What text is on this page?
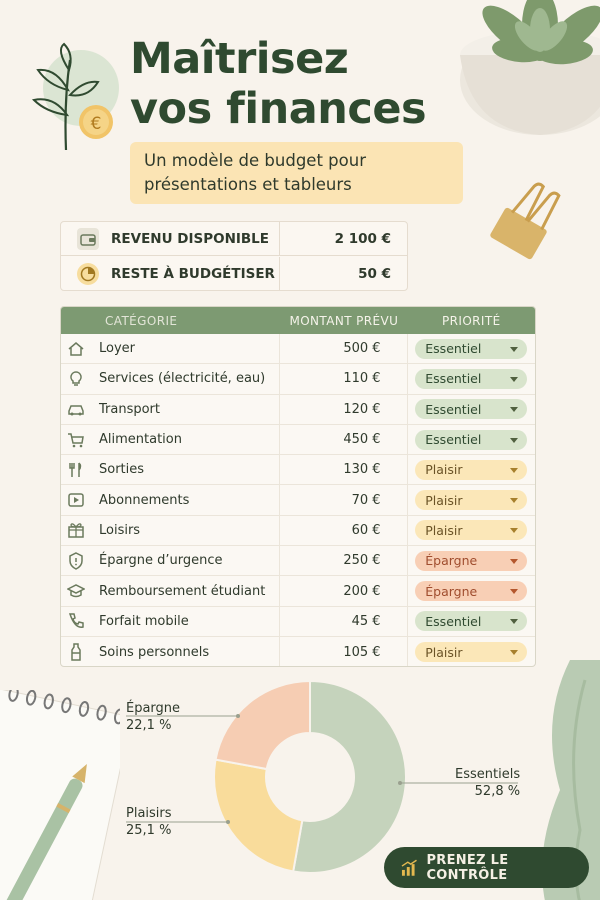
€
Maîtrisez
vos finances
Un modèle de budget pour
présentations et tableurs
REVENU DISPONIBLE	2 100 €
RESTE À BUDGÉTISER	50 €
CATÉGORIE	MONTANT PRÉVU	PRIORITÉ
Loyer	500 €	Essentiel
Services (électricité, eau)	110 €	Essentiel
Transport	120 €	Essentiel
Alimentation	450 €	Essentiel
Sorties	130 €	Plaisir
Abonnements	70 €	Plaisir
Loisirs	60 €	Plaisir
Épargne d’urgence	250 €	Épargne
Remboursement étudiant	200 €	Épargne
Forfait mobile	45 €	Essentiel
Soins personnels	105 €	Plaisir
Épargne
22,1 %
Plaisirs
25,1 %
Essentiels
52,8 %
PRENEZ LE CONTRÔLE
